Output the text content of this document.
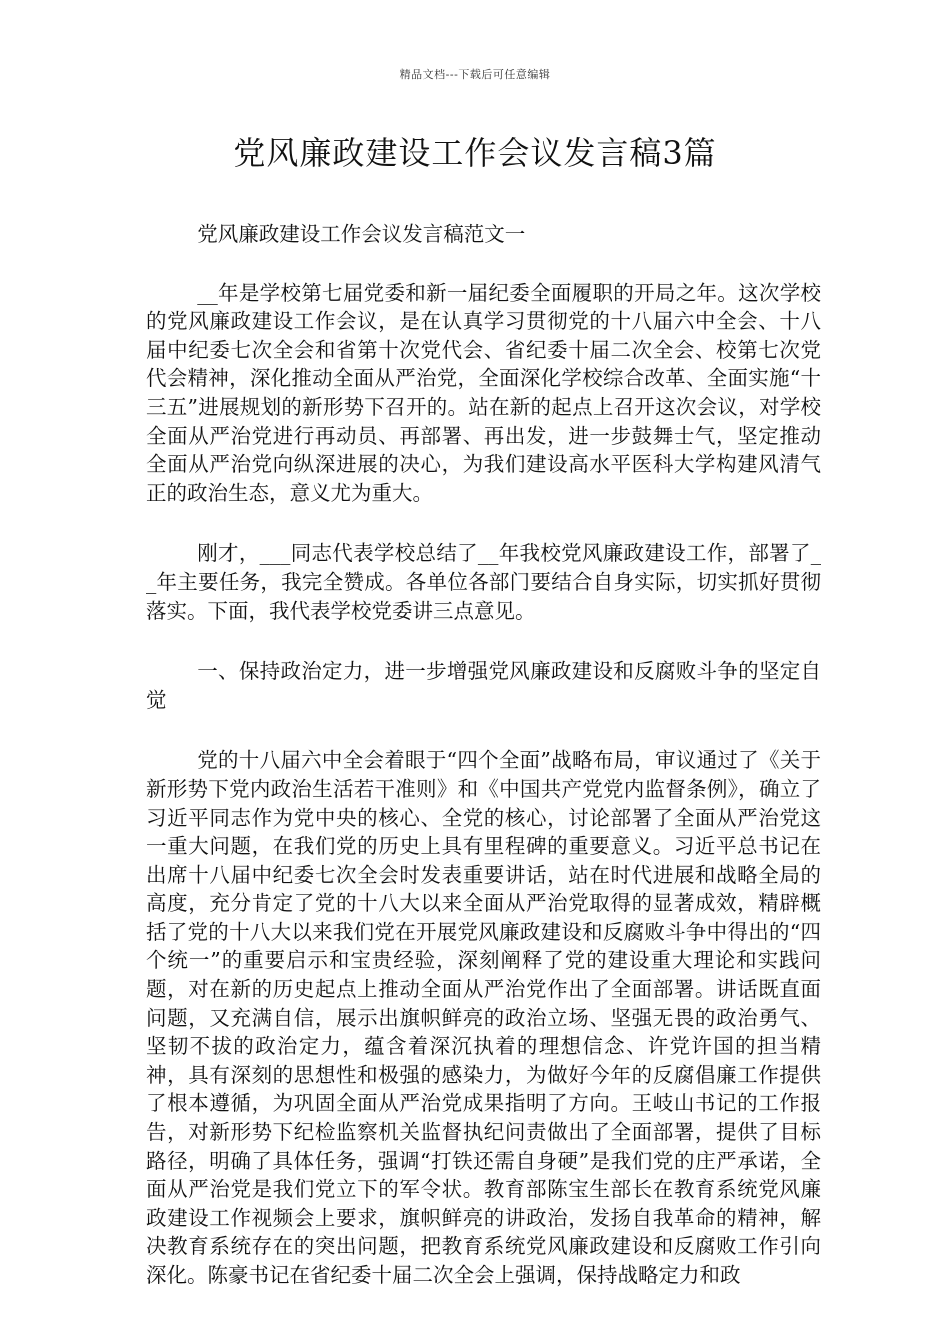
精品文档---下载后可任意编辑
党风廉政建设工作会议发言稿3篇

党风廉政建设工作会议发言稿范文一

__年是学校第七届党委和新一届纪委全面履职的开局之年。这次学校的党风廉政建设工作会议，是在认真学习贯彻党的十八届六中全会、十八届中纪委七次全会和省第十次党代会、省纪委十届二次全会、校第七次党代会精神，深化推动全面从严治党，全面深化学校综合改革、全面实施“十三五”进展规划的新形势下召开的。站在新的起点上召开这次会议，对学校全面从严治党进行再动员、再部署、再出发，进一步鼓舞士气，坚定推动全面从严治党向纵深进展的决心，为我们建设高水平医科大学构建风清气正的政治生态，意义尤为重大。

刚才，___同志代表学校总结了__年我校党风廉政建设工作，部署了__年主要任务，我完全赞成。各单位各部门要结合自身实际，切实抓好贯彻落实。下面，我代表学校党委讲三点意见。

一、保持政治定力，进一步增强党风廉政建设和反腐败斗争的坚定自觉

党的十八届六中全会着眼于“四个全面”战略布局，审议通过了《关于新形势下党内政治生活若干准则》和《中国共产党党内监督条例》，确立了习近平同志作为党中央的核心、全党的核心，讨论部署了全面从严治党这一重大问题，在我们党的历史上具有里程碑的重要意义。习近平总书记在出席十八届中纪委七次全会时发表重要讲话，站在时代进展和战略全局的高度，充分肯定了党的十八大以来全面从严治党取得的显著成效，精辟概括了党的十八大以来我们党在开展党风廉政建设和反腐败斗争中得出的“四个统一”的重要启示和宝贵经验，深刻阐释了党的建设重大理论和实践问题，对在新的历史起点上推动全面从严治党作出了全面部署。讲话既直面问题，又充满自信，展示出旗帜鲜亮的政治立场、坚强无畏的政治勇气、坚韧不拔的政治定力，蕴含着深沉执着的理想信念、许党许国的担当精神，具有深刻的思想性和极强的感染力，为做好今年的反腐倡廉工作提供了根本遵循，为巩固全面从严治党成果指明了方向。王岐山书记的工作报告，对新形势下纪检监察机关监督执纪问责做出了全面部署，提供了目标路径，明确了具体任务，强调“打铁还需自身硬”是我们党的庄严承诺，全面从严治党是我们党立下的军令状。教育部陈宝生部长在教育系统党风廉政建设工作视频会上要求，旗帜鲜亮的讲政治，发扬自我革命的精神，解决教育系统存在的突出问题，把教育系统党风廉政建设和反腐败工作引向深化。陈豪书记在省纪委十届二次全会上强调，保持战略定力和政
